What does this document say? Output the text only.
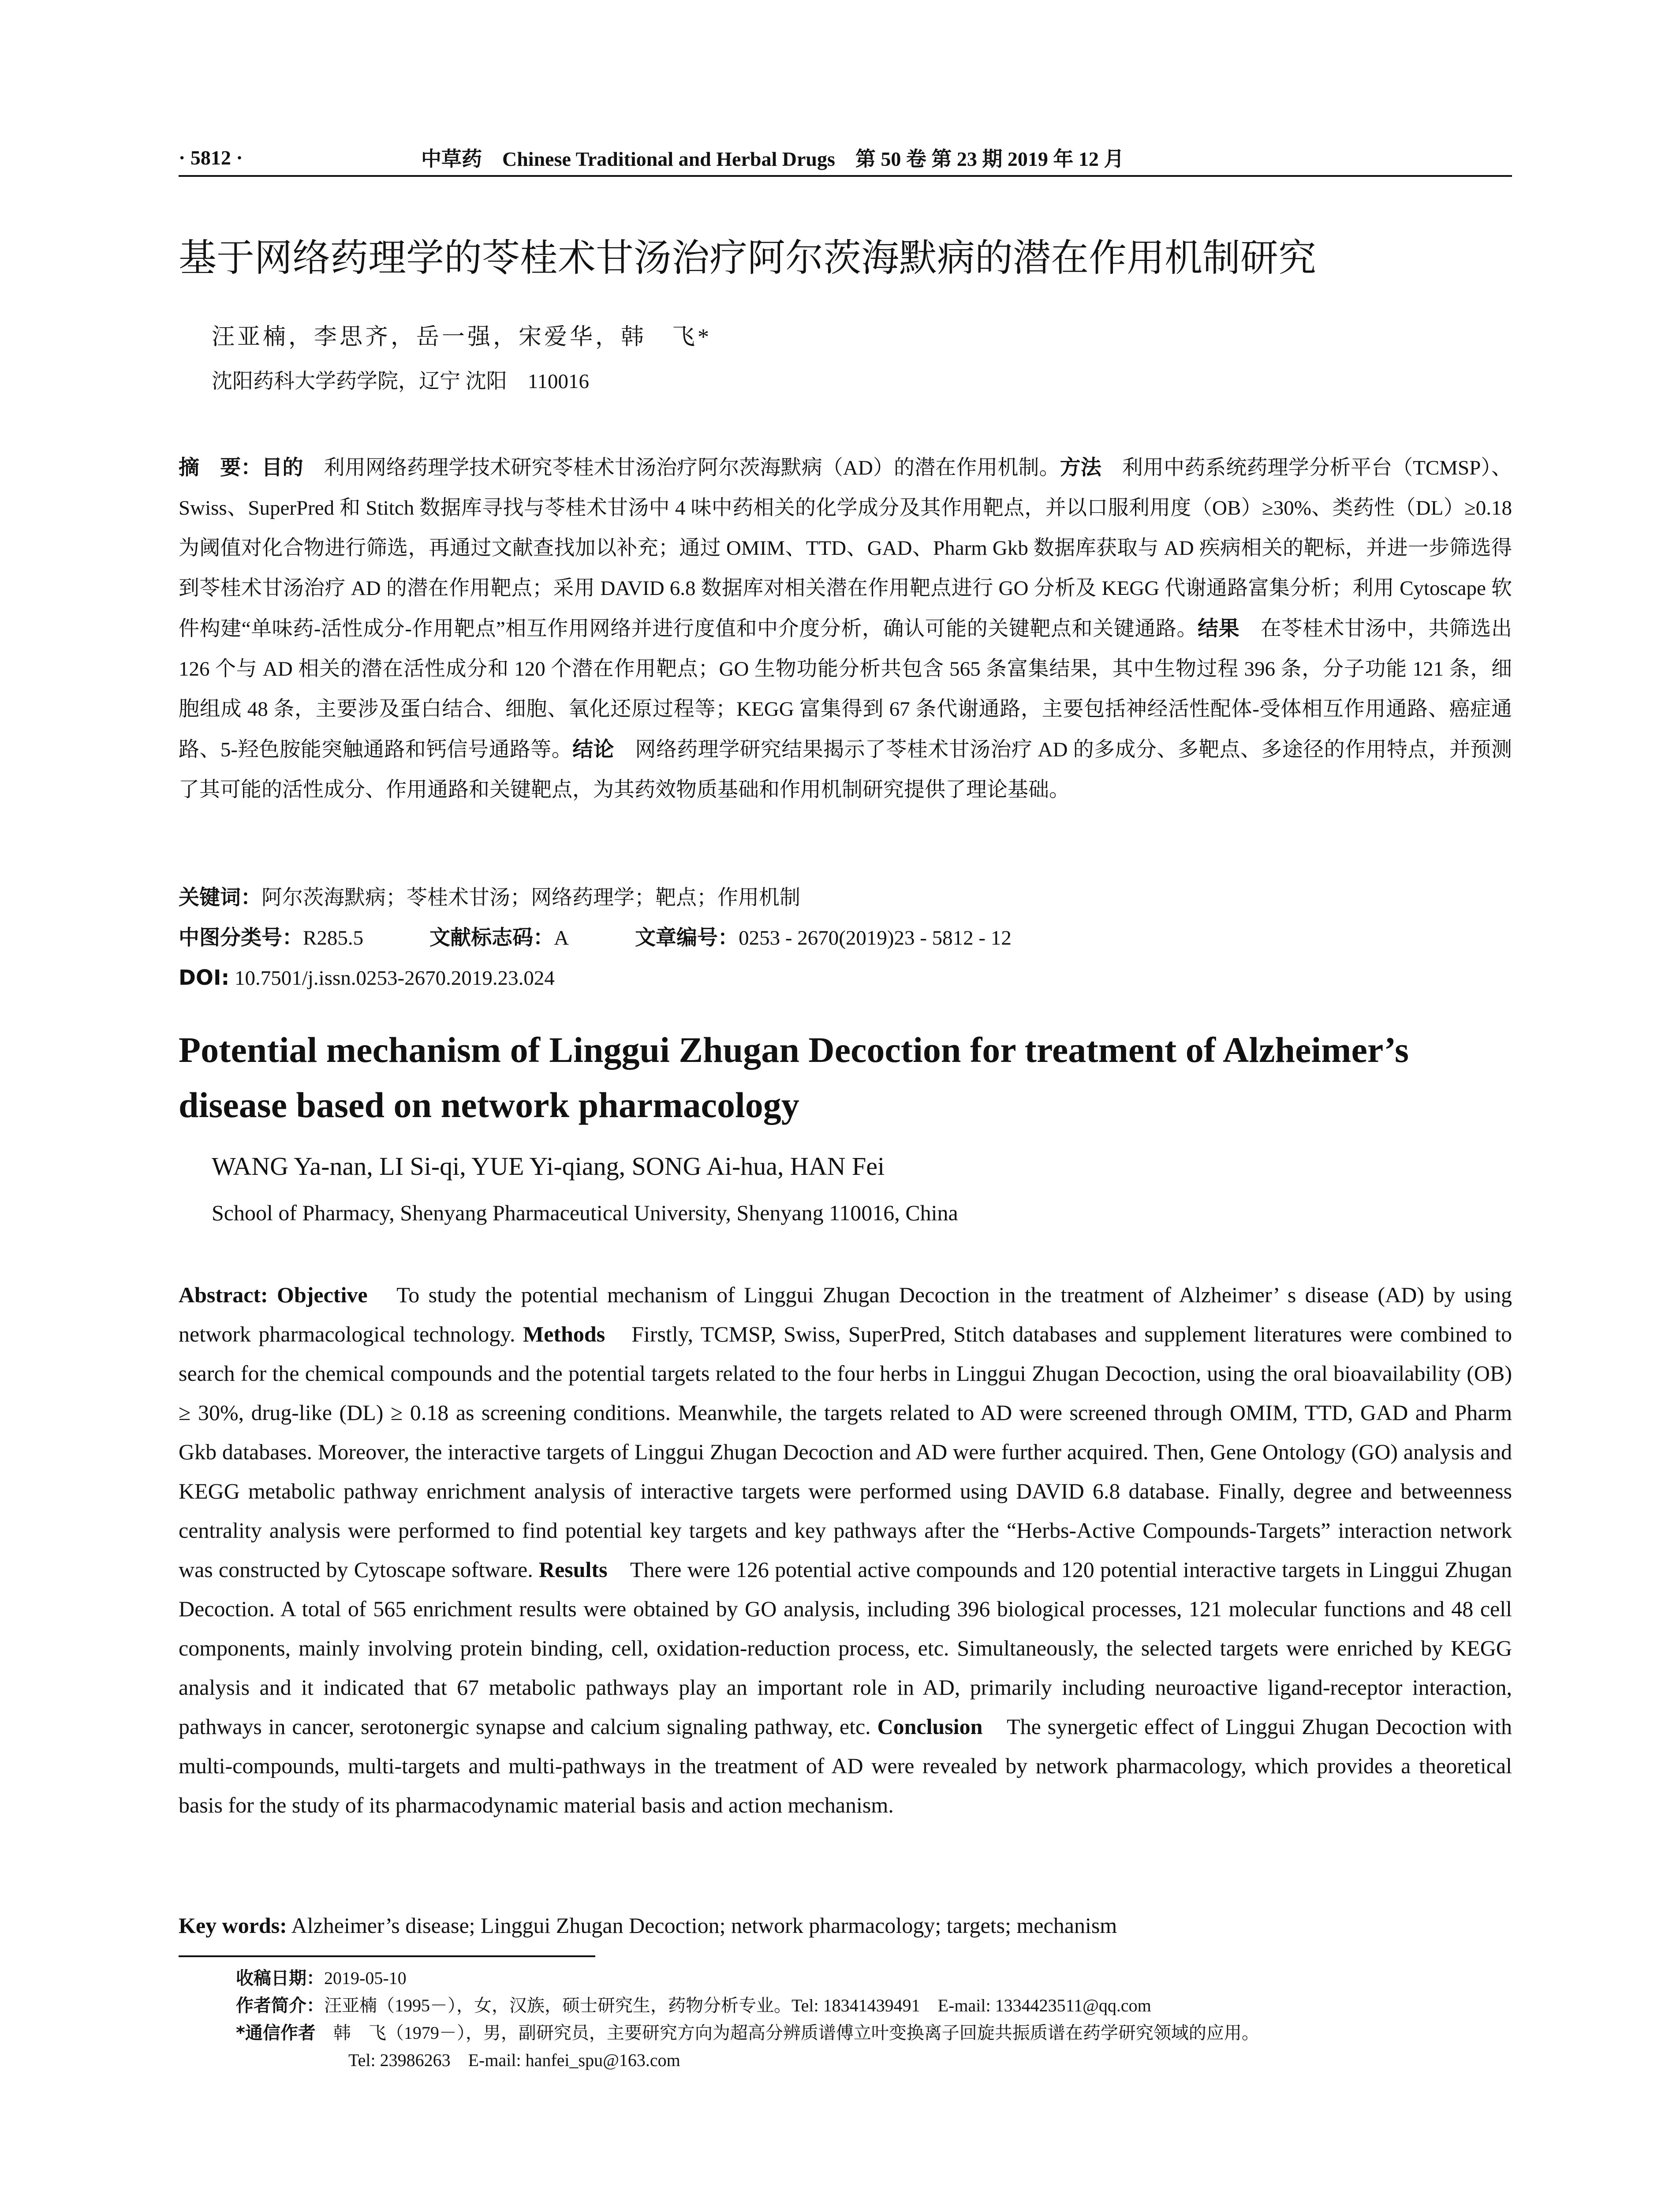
· 5812 ·	中草药　Chinese Traditional and Herbal Drugs　第 50 卷 第 23 期 2019 年 12 月
基于网络药理学的苓桂术甘汤治疗阿尔茨海默病的潜在作用机制研究
汪亚楠，李思齐，岳一强，宋爱华，韩　飞*
沈阳药科大学药学院，辽宁 沈阳　110016

摘　要：目的　利用网络药理学技术研究苓桂术甘汤治疗阿尔茨海默病（AD）的潜在作用机制。方法　利用中药系统药理学分析平台（TCMSP）、Swiss、SuperPred 和 Stitch 数据库寻找与苓桂术甘汤中 4 味中药相关的化学成分及其作用靶点，并以口服利用度（OB）≥30%、类药性（DL）≥0.18 为阈值对化合物进行筛选，再通过文献查找加以补充；通过 OMIM、TTD、GAD、Pharm Gkb 数据库获取与 AD 疾病相关的靶标，并进一步筛选得到苓桂术甘汤治疗 AD 的潜在作用靶点；采用 DAVID 6.8 数据库对相关潜在作用靶点进行 GO 分析及 KEGG 代谢通路富集分析；利用 Cytoscape 软件构建“单味药-活性成分-作用靶点”相互作用网络并进行度值和中介度分析，确认可能的关键靶点和关键通路。结果　在苓桂术甘汤中，共筛选出 126 个与 AD 相关的潜在活性成分和 120 个潜在作用靶点；GO 生物功能分析共包含 565 条富集结果，其中生物过程 396 条，分子功能 121 条，细胞组成 48 条，主要涉及蛋白结合、细胞、氧化还原过程等；KEGG 富集得到 67 条代谢通路，主要包括神经活性配体-受体相互作用通路、癌症通路、5-羟色胺能突触通路和钙信号通路等。结论　网络药理学研究结果揭示了苓桂术甘汤治疗 AD 的多成分、多靶点、多途径的作用特点，并预测了其可能的活性成分、作用通路和关键靶点，为其药效物质基础和作用机制研究提供了理论基础。

关键词：阿尔茨海默病；苓桂术甘汤；网络药理学；靶点；作用机制
中图分类号：R285.5	文献标志码：A	文章编号：0253 - 2670(2019)23 - 5812 - 12
DOI: 10.7501/j.issn.0253-2670.2019.23.024
Potential mechanism of Linggui Zhugan Decoction for treatment of Alzheimer’s disease based on network pharmacology
WANG Ya-nan, LI Si-qi, YUE Yi-qiang, SONG Ai-hua, HAN Fei
School of Pharmacy, Shenyang Pharmaceutical University, Shenyang 110016, China

Abstract: Objective　To study the potential mechanism of Linggui Zhugan Decoction in the treatment of Alzheimer’ s disease (AD) by using network pharmacological technology. Methods　Firstly, TCMSP, Swiss, SuperPred, Stitch databases and supplement literatures were combined to search for the chemical compounds and the potential targets related to the four herbs in Linggui Zhugan Decoction, using the oral bioavailability (OB) ≥ 30%, drug-like (DL) ≥ 0.18 as screening conditions. Meanwhile, the targets related to AD were screened through OMIM, TTD, GAD and Pharm Gkb databases. Moreover, the interactive targets of Linggui Zhugan Decoction and AD were further acquired. Then, Gene Ontology (GO) analysis and KEGG metabolic pathway enrichment analysis of interactive targets were performed using DAVID 6.8 database. Finally, degree and betweenness centrality analysis were performed to find potential key targets and key pathways after the “Herbs-Active Compounds-Targets” interaction network was constructed by Cytoscape software. Results　There were 126 potential active compounds and 120 potential interactive targets in Linggui Zhugan Decoction. A total of 565 enrichment results were obtained by GO analysis, including 396 biological processes, 121 molecular functions and 48 cell components, mainly involving protein binding, cell, oxidation-reduction process, etc. Simultaneously, the selected targets were enriched by KEGG analysis and it indicated that 67 metabolic pathways play an important role in AD, primarily including neuroactive ligand-receptor interaction, pathways in cancer, serotonergic synapse and calcium signaling pathway, etc. Conclusion　The synergetic effect of Linggui Zhugan Decoction with multi-compounds, multi-targets and multi-pathways in the treatment of AD were revealed by network pharmacology, which provides a theoretical basis for the study of its pharmacodynamic material basis and action mechanism.

Key words: Alzheimer’s disease; Linggui Zhugan Decoction; network pharmacology; targets; mechanism
收稿日期：2019-05-10
作者简介：汪亚楠（1995－），女，汉族，硕士研究生，药物分析专业。Tel: 18341439491　E-mail: 1334423511@qq.com
*通信作者　韩　飞（1979－），男，副研究员，主要研究方向为超高分辨质谱傅立叶变换离子回旋共振质谱在药学研究领域的应用。
Tel: 23986263　E-mail: hanfei_spu@163.com
